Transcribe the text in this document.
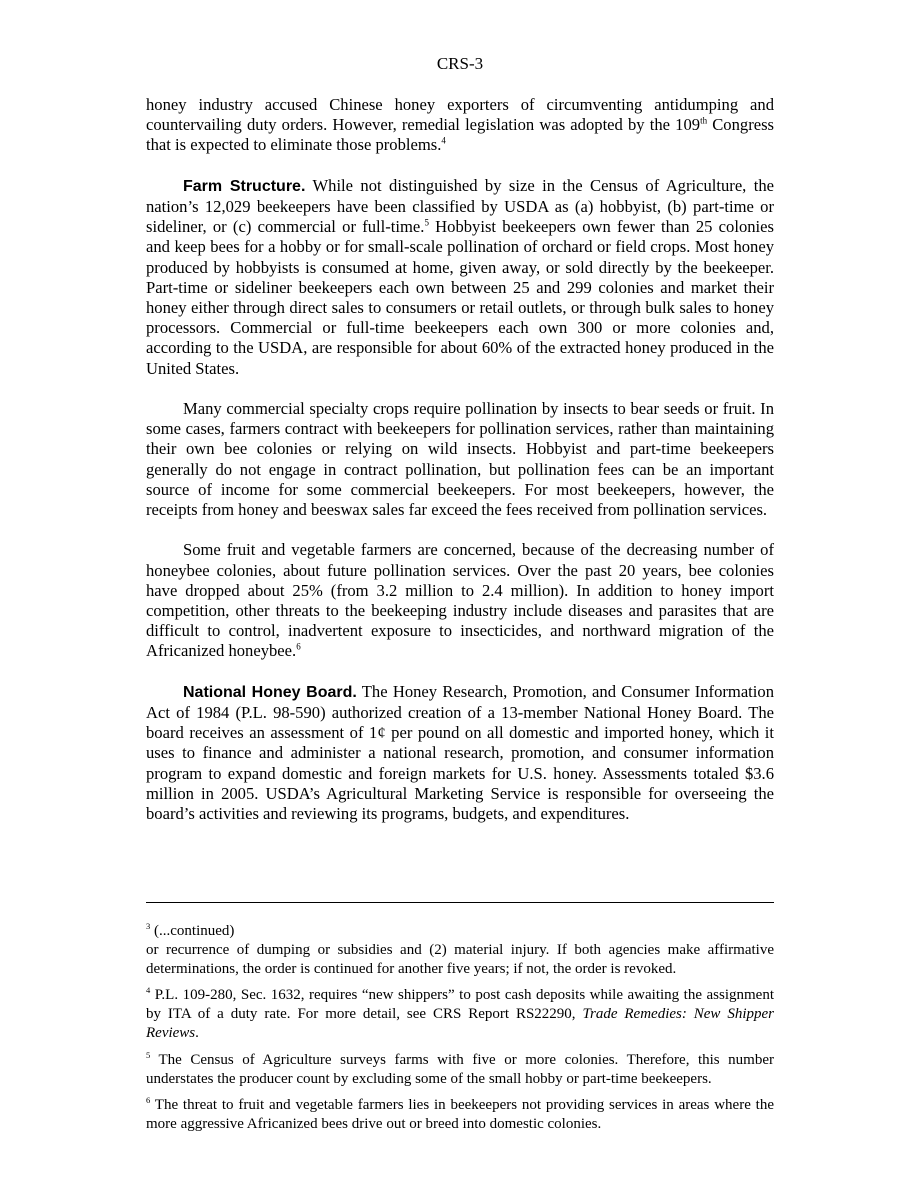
CRS-3

honey industry accused Chinese honey exporters of circumventing antidumping and countervailing duty orders. However, remedial legislation was adopted by the 109th Congress that is expected to eliminate those problems.$^4$

Farm Structure. While not distinguished by size in the Census of Agriculture, the nation’s 12,029 beekeepers have been classified by USDA as (a) hobbyist, (b) part-time or sideliner, or (c) commercial or full-time.$^5$ Hobbyist beekeepers own fewer than 25 colonies and keep bees for a hobby or for small-scale pollination of orchard or field crops. Most honey produced by hobbyists is consumed at home, given away, or sold directly by the beekeeper. Part-time or sideliner beekeepers each own between 25 and 299 colonies and market their honey either through direct sales to consumers or retail outlets, or through bulk sales to honey processors. Commercial or full-time beekeepers each own 300 or more colonies and, according to the USDA, are responsible for about 60% of the extracted honey produced in the United States.

Many commercial specialty crops require pollination by insects to bear seeds or fruit. In some cases, farmers contract with beekeepers for pollination services, rather than maintaining their own bee colonies or relying on wild insects. Hobbyist and part-time beekeepers generally do not engage in contract pollination, but pollination fees can be an important source of income for some commercial beekeepers. For most beekeepers, however, the receipts from honey and beeswax sales far exceed the fees received from pollination services.

Some fruit and vegetable farmers are concerned, because of the decreasing number of honeybee colonies, about future pollination services. Over the past 20 years, bee colonies have dropped about 25% (from 3.2 million to 2.4 million). In addition to honey import competition, other threats to the beekeeping industry include diseases and parasites that are difficult to control, inadvertent exposure to insecticides, and northward migration of the Africanized honeybee.$^6$

National Honey Board. The Honey Research, Promotion, and Consumer Information Act of 1984 (P.L. 98-590) authorized creation of a 13-member National Honey Board. The board receives an assessment of 1¢ per pound on all domestic and imported honey, which it uses to finance and administer a national research, promotion, and consumer information program to expand domestic and foreign markets for U.S. honey. Assessments totaled $3.6 million in 2005. USDA’s Agricultural Marketing Service is responsible for overseeing the board’s activities and reviewing its programs, budgets, and expenditures.

$^3$ (...continued)

or recurrence of dumping or subsidies and (2) material injury. If both agencies make affirmative determinations, the order is continued for another five years; if not, the order is revoked.

$^4$ P.L. 109-280, Sec. 1632, requires “new shippers” to post cash deposits while awaiting the assignment by ITA of a duty rate. For more detail, see CRS Report RS22290, Trade Remedies: New Shipper Reviews.

$^5$ The Census of Agriculture surveys farms with five or more colonies. Therefore, this number understates the producer count by excluding some of the small hobby or part-time beekeepers.

$^6$ The threat to fruit and vegetable farmers lies in beekeepers not providing services in areas where the more aggressive Africanized bees drive out or breed into domestic colonies.
